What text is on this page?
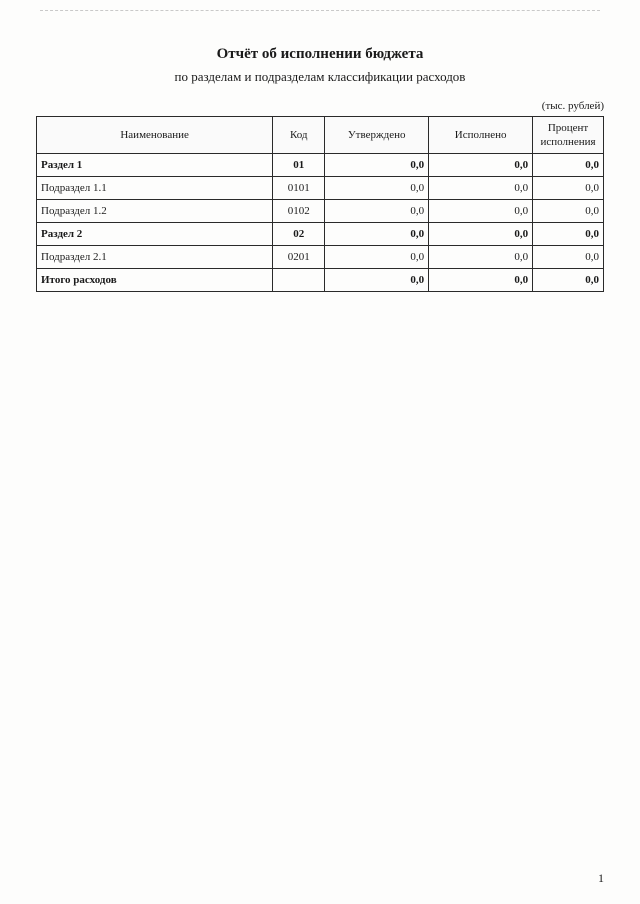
Отчёт об исполнении бюджета

по разделам и подразделам классификации расходов

(тыс. рублей)

Наименование	Код	Утверждено	Исполнено	Процент исполнения
Раздел 1	01	0,0	0,0	0,0
Подраздел 1.1	0101	0,0	0,0	0,0
Подраздел 1.2	0102	0,0	0,0	0,0
Раздел 2	02	0,0	0,0	0,0
Подраздел 2.1	0201	0,0	0,0	0,0
Итого расходов		0,0	0,0	0,0
1
